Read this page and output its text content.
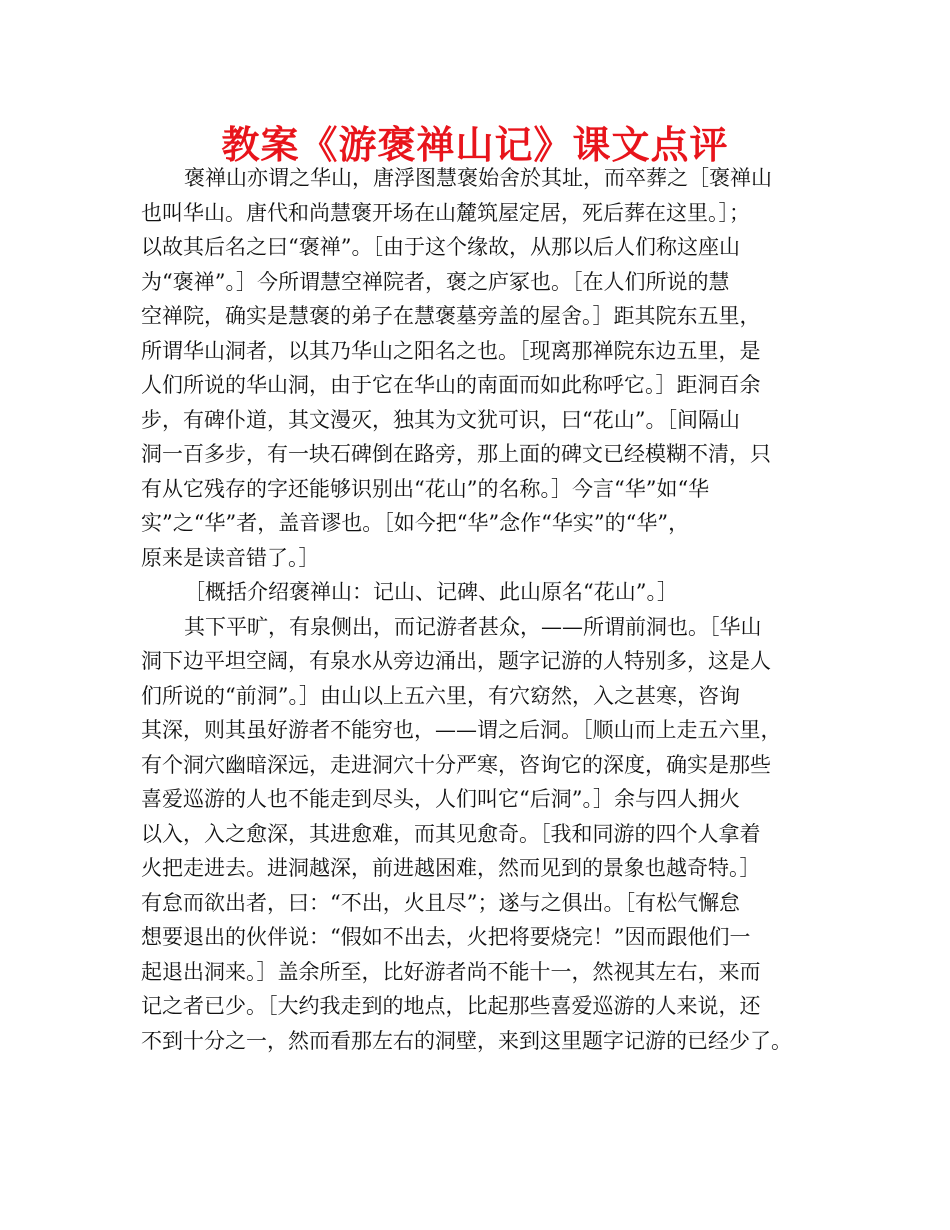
教案《游褒禅山记》课文点评
褒禅山亦谓之华山，唐浮图慧褒始舍於其址，而卒葬之［褒禅山
也叫华山。唐代和尚慧褒开场在山麓筑屋定居，死后葬在这里。］；
以故其后名之曰“褒禅”。［由于这个缘故，从那以后人们称这座山
为“褒禅”。］今所谓慧空禅院者，褒之庐冢也。［在人们所说的慧
空禅院，确实是慧褒的弟子在慧褒墓旁盖的屋舍。］距其院东五里，
所谓华山洞者，以其乃华山之阳名之也。［现离那禅院东边五里，是
人们所说的华山洞，由于它在华山的南面而如此称呼它。］距洞百余
步，有碑仆道，其文漫灭，独其为文犹可识，曰“花山”。［间隔山
洞一百多步，有一块石碑倒在路旁，那上面的碑文已经模糊不清，只
有从它残存的字还能够识别出“花山”的名称。］今言“华”如“华
实”之“华”者，盖音谬也。［如今把“华”念作“华实”的“华”，
原来是读音错了。］
［概括介绍褒禅山：记山、记碑、此山原名“花山”。］
其下平旷，有泉侧出，而记游者甚众，——所谓前洞也。［华山
洞下边平坦空阔，有泉水从旁边涌出，题字记游的人特别多，这是人
们所说的“前洞”。］由山以上五六里，有穴窈然，入之甚寒，咨询
其深，则其虽好游者不能穷也，——谓之后洞。［顺山而上走五六里，
有个洞穴幽暗深远，走进洞穴十分严寒，咨询它的深度，确实是那些
喜爱巡游的人也不能走到尽头，人们叫它“后洞”。］余与四人拥火
以入，入之愈深，其进愈难，而其见愈奇。［我和同游的四个人拿着
火把走进去。进洞越深，前进越困难，然而见到的景象也越奇特。］
有怠而欲出者，曰：“不出，火且尽”；遂与之俱出。［有松气懈怠
想要退出的伙伴说：“假如不出去，火把将要烧完！”因而跟他们一
起退出洞来。］盖余所至，比好游者尚不能十一，然视其左右，来而
记之者已少。［大约我走到的地点，比起那些喜爱巡游的人来说，还
不到十分之一，然而看那左右的洞壁，来到这里题字记游的已经少了。
